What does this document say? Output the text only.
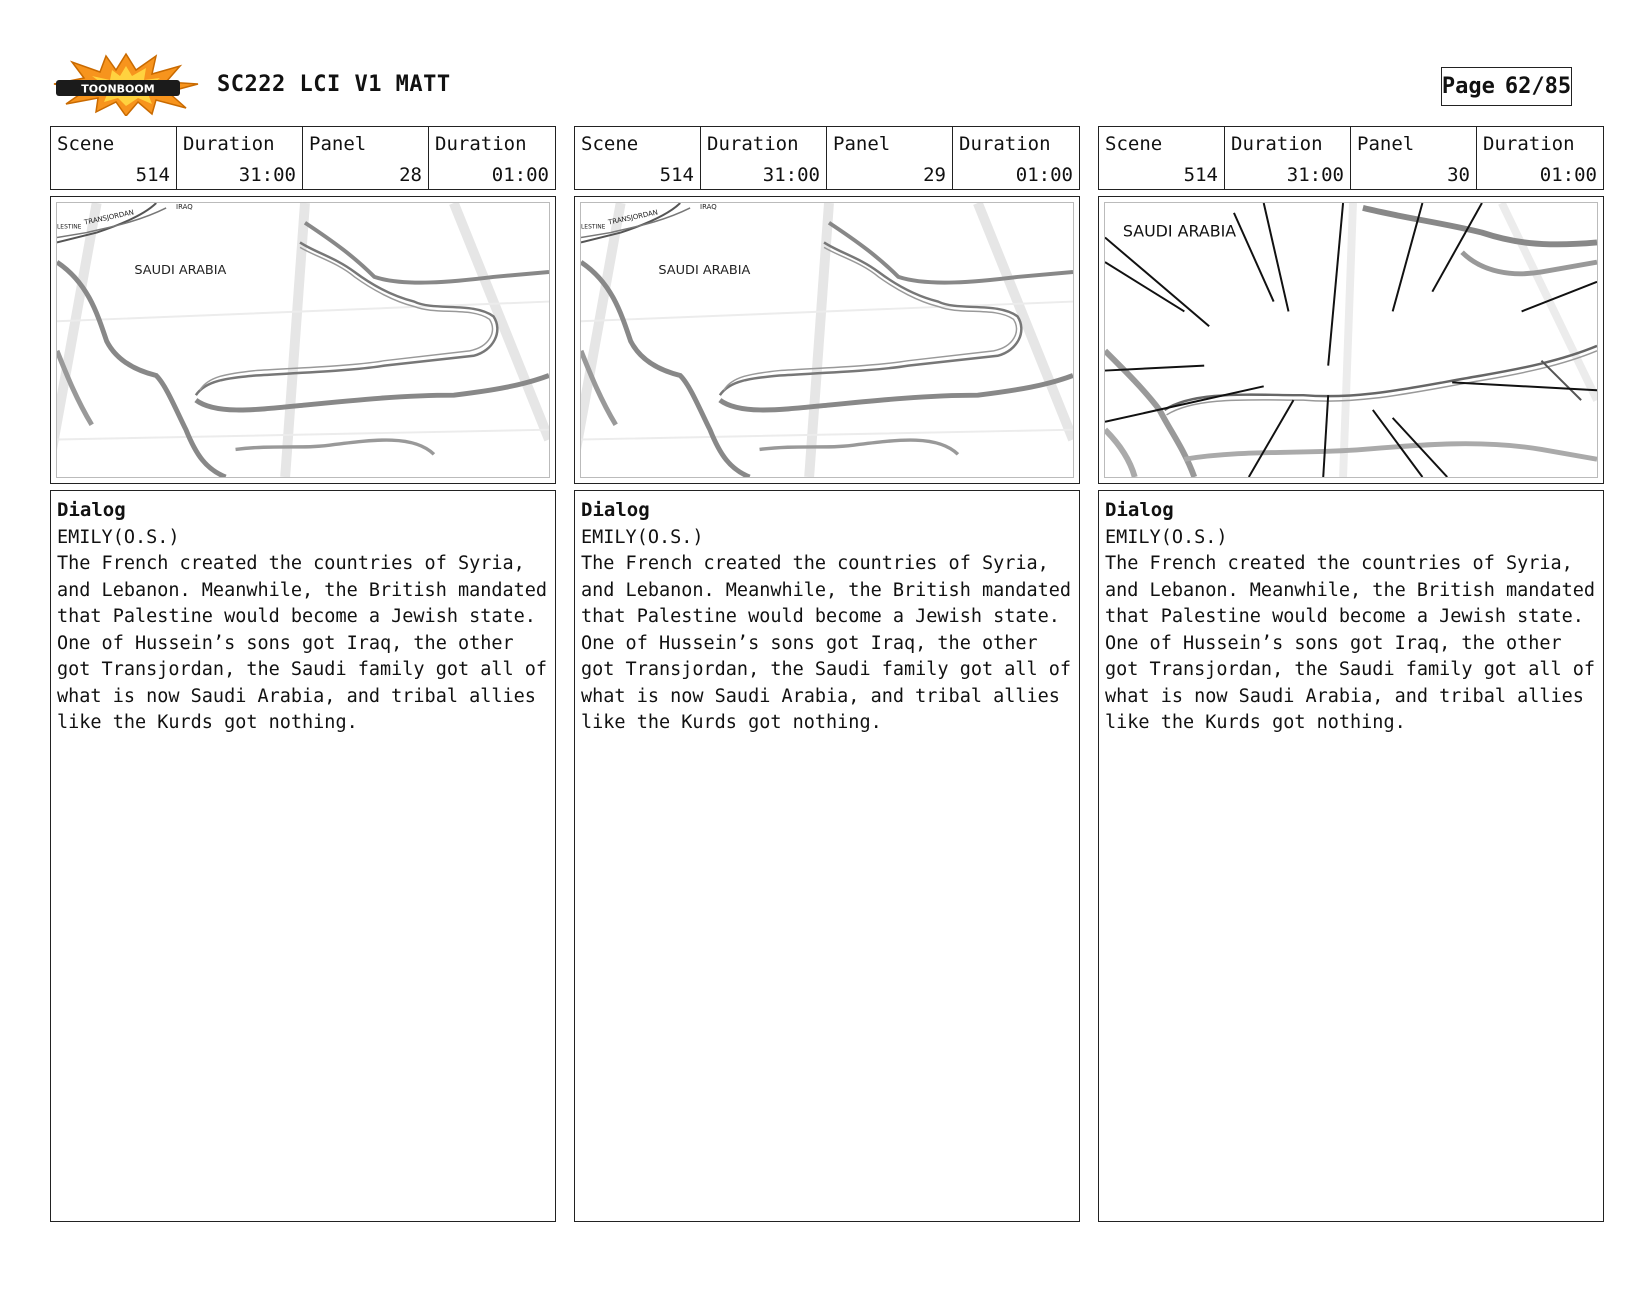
TOONBOOM	SC222 LCI V1 MATT	Page 62/85
Scene
514
Duration
31:00
Panel
28
Duration
01:00
SAUDI ARABIA
TRANSJORDAN
LESTINE
IRAQ
Dialog
EMILY(O.S.)
The French created the countries of Syria, and Lebanon. Meanwhile, the British mandated that Palestine would become a Jewish state. One of Hussein’s sons got Iraq, the other got Transjordan, the Saudi family got all of what is now Saudi Arabia, and tribal allies like the Kurds got nothing.
Scene
514
Duration
31:00
Panel
29
Duration
01:00
SAUDI ARABIA
TRANSJORDAN
LESTINE
IRAQ
Dialog
EMILY(O.S.)
The French created the countries of Syria, and Lebanon. Meanwhile, the British mandated that Palestine would become a Jewish state. One of Hussein’s sons got Iraq, the other got Transjordan, the Saudi family got all of what is now Saudi Arabia, and tribal allies like the Kurds got nothing.
Scene
514
Duration
31:00
Panel
30
Duration
01:00
SAUDI ARABIA
Dialog
EMILY(O.S.)
The French created the countries of Syria, and Lebanon. Meanwhile, the British mandated that Palestine would become a Jewish state. One of Hussein’s sons got Iraq, the other got Transjordan, the Saudi family got all of what is now Saudi Arabia, and tribal allies like the Kurds got nothing.
